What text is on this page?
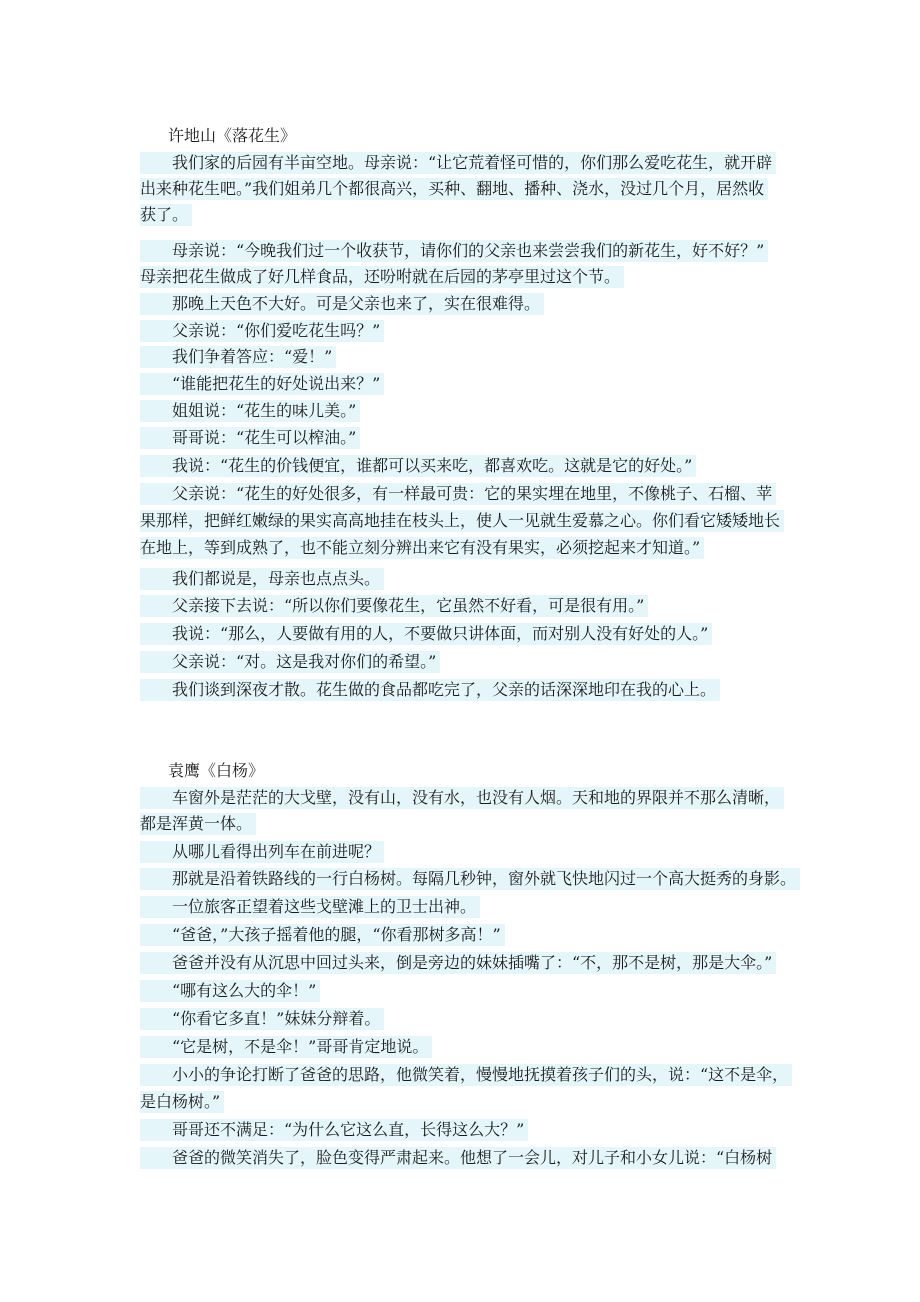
许地山《落花生》
我们家的后园有半亩空地。母亲说：“让它荒着怪可惜的，你们那么爱吃花生，就开辟
出来种花生吧。”我们姐弟几个都很高兴，买种、翻地、播种、浇水，没过几个月，居然收
获了。
母亲说：“今晚我们过一个收获节，请你们的父亲也来尝尝我们的新花生，好不好？”
母亲把花生做成了好几样食品，还吩咐就在后园的茅亭里过这个节。
那晚上天色不大好。可是父亲也来了，实在很难得。
父亲说：“你们爱吃花生吗？”
我们争着答应：“爱！”
“谁能把花生的好处说出来？”
姐姐说：“花生的味儿美。”
哥哥说：“花生可以榨油。”
我说：“花生的价钱便宜，谁都可以买来吃，都喜欢吃。这就是它的好处。”
父亲说：“花生的好处很多，有一样最可贵：它的果实埋在地里，不像桃子、石榴、苹
果那样，把鲜红嫩绿的果实高高地挂在枝头上，使人一见就生爱慕之心。你们看它矮矮地长
在地上，等到成熟了，也不能立刻分辨出来它有没有果实，必须挖起来才知道。”
我们都说是，母亲也点点头。
父亲接下去说：“所以你们要像花生，它虽然不好看，可是很有用。”
我说：“那么，人要做有用的人，不要做只讲体面，而对别人没有好处的人。”
父亲说：“对。这是我对你们的希望。”
我们谈到深夜才散。花生做的食品都吃完了，父亲的话深深地印在我的心上。
袁鹰《白杨》
车窗外是茫茫的大戈壁，没有山，没有水，也没有人烟。天和地的界限并不那么清晰，
都是浑黄一体。
从哪儿看得出列车在前进呢？
那就是沿着铁路线的一行白杨树。每隔几秒钟，窗外就飞快地闪过一个高大挺秀的身影。
一位旅客正望着这些戈壁滩上的卫士出神。
“爸爸，”大孩子摇着他的腿，“你看那树多高！”
爸爸并没有从沉思中回过头来，倒是旁边的妹妹插嘴了：“不，那不是树，那是大伞。”
“哪有这么大的伞！”
“你看它多直！”妹妹分辩着。
“它是树，不是伞！”哥哥肯定地说。
小小的争论打断了爸爸的思路，他微笑着，慢慢地抚摸着孩子们的头，说：“这不是伞，
是白杨树。”
哥哥还不满足：“为什么它这么直，长得这么大？”
爸爸的微笑消失了，脸色变得严肃起来。他想了一会儿，对儿子和小女儿说：“白杨树
